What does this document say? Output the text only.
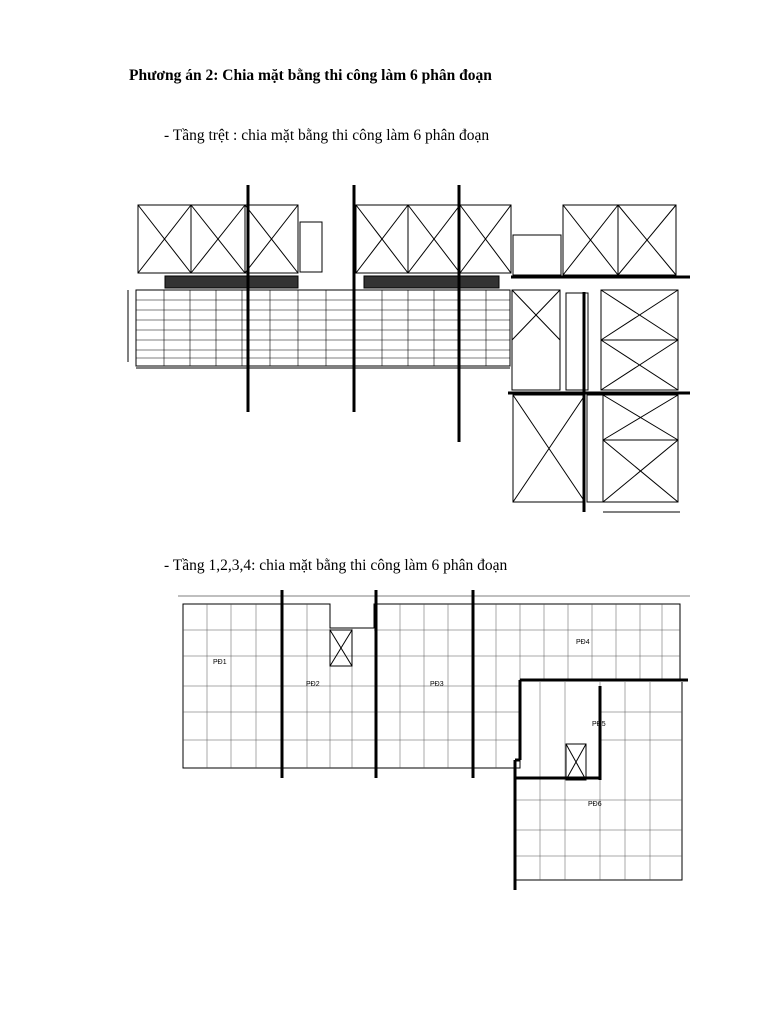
Phương án 2: Chia mặt bằng thi công làm 6 phân đoạn
- Tầng trệt : chia mặt bằng thi công làm 6 phân đoạn
- Tầng 1,2,3,4: chia mặt bằng thi công làm 6 phân đoạn
PĐ1
PĐ2	PĐ3
PĐ4
PĐ5
PĐ6
